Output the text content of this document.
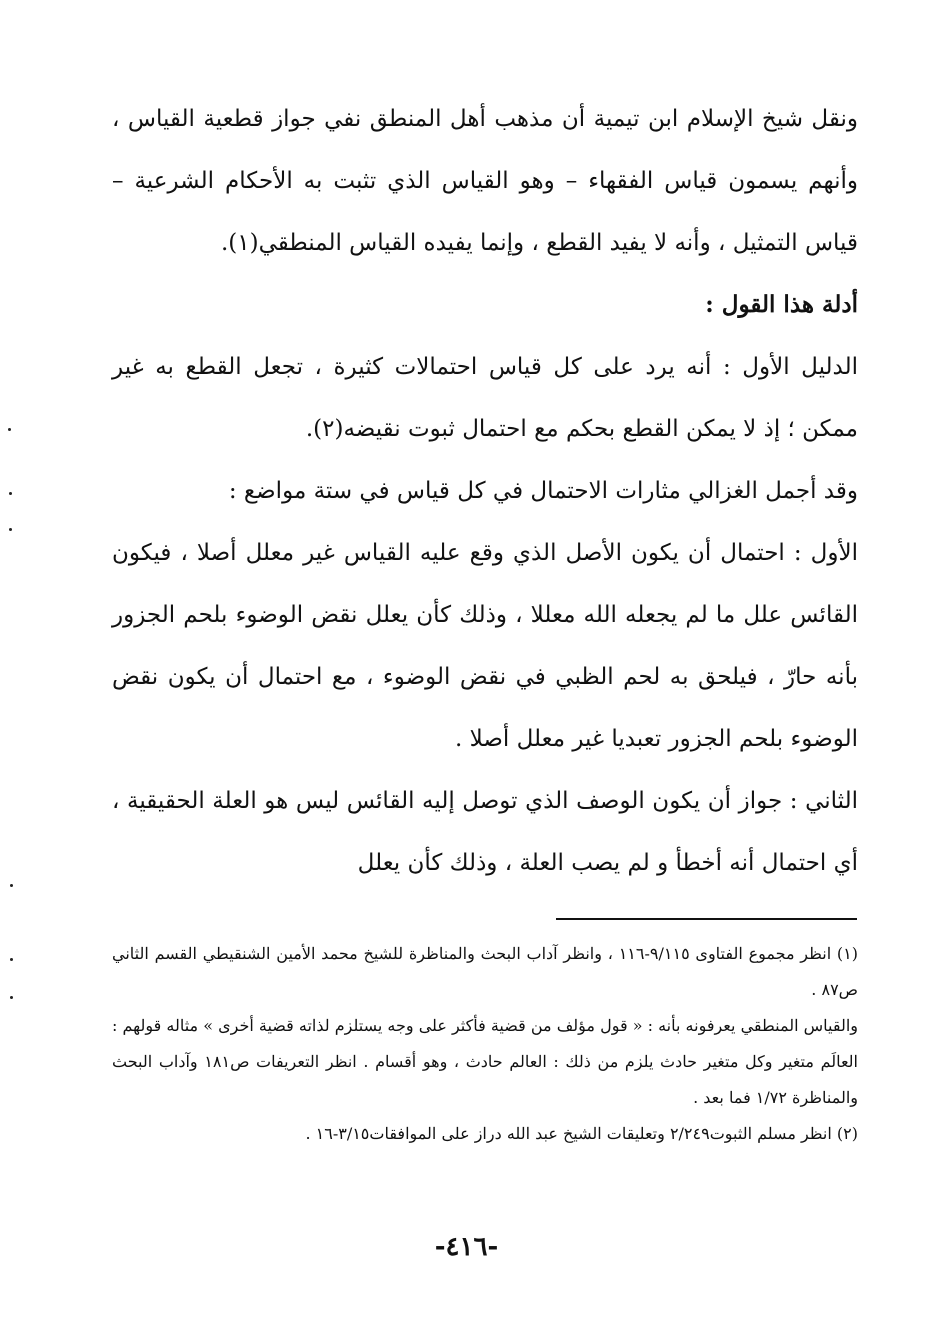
ونقل شيخ الإسلام ابن تيمية أن مذهب أهل المنطق نفي جواز قطعية القياس ، وأنهم يسمون قياس الفقهاء – وهو القياس الذي تثبت به الأحكام الشرعية – قياس التمثيل ، وأنه لا يفيد القطع ، وإنما يفيده القياس المنطقي(١).

أدلة هذا القول :

الدليل الأول : أنه يرد على كل قياس احتمالات كثيرة ، تجعل القطع به غير ممكن ؛ إذ لا يمكن القطع بحكم مع احتمال ثبوت نقيضه(٢).

وقد أجمل الغزالي مثارات الاحتمال في كل قياس في ستة مواضع :

الأول : احتمال أن يكون الأصل الذي وقع عليه القياس غير معلل أصلا ، فيكون القائس علل ما لم يجعله الله معللا ، وذلك كأن يعلل نقض الوضوء بلحم الجزور بأنه حارّ ، فيلحق به لحم الظبي في نقض الوضوء ، مع احتمال أن يكون نقض الوضوء بلحم الجزور تعبديا غير معلل أصلا .

الثاني : جواز أن يكون الوصف الذي توصل إليه القائس ليس هو العلة الحقيقية ، أي احتمال أنه أخطأ و لم يصب العلة ، وذلك كأن يعلل

(١) انظر مجموع الفتاوى ٩/١١٥-١١٦ ، وانظر آداب البحث والمناظرة للشيخ محمد الأمين الشنقيطي القسم الثاني ص٨٧ .

والقياس المنطقي يعرفونه بأنه : « قول مؤلف من قضية فأكثر على وجه يستلزم لذاته قضية أخرى » مثاله قولهم : العالَم متغير وكل متغير حادث يلزم من ذلك : العالم حادث ، وهو أقسام . انظر التعريفات ص١٨١ وآداب البحث والمناظرة ١/٧٢ فما بعد .

(٢) انظر مسلم الثبوت٢/٢٤٩ وتعليقات الشيخ عبد الله دراز على الموافقات٣/١٥-١٦ .

-٤١٦-
